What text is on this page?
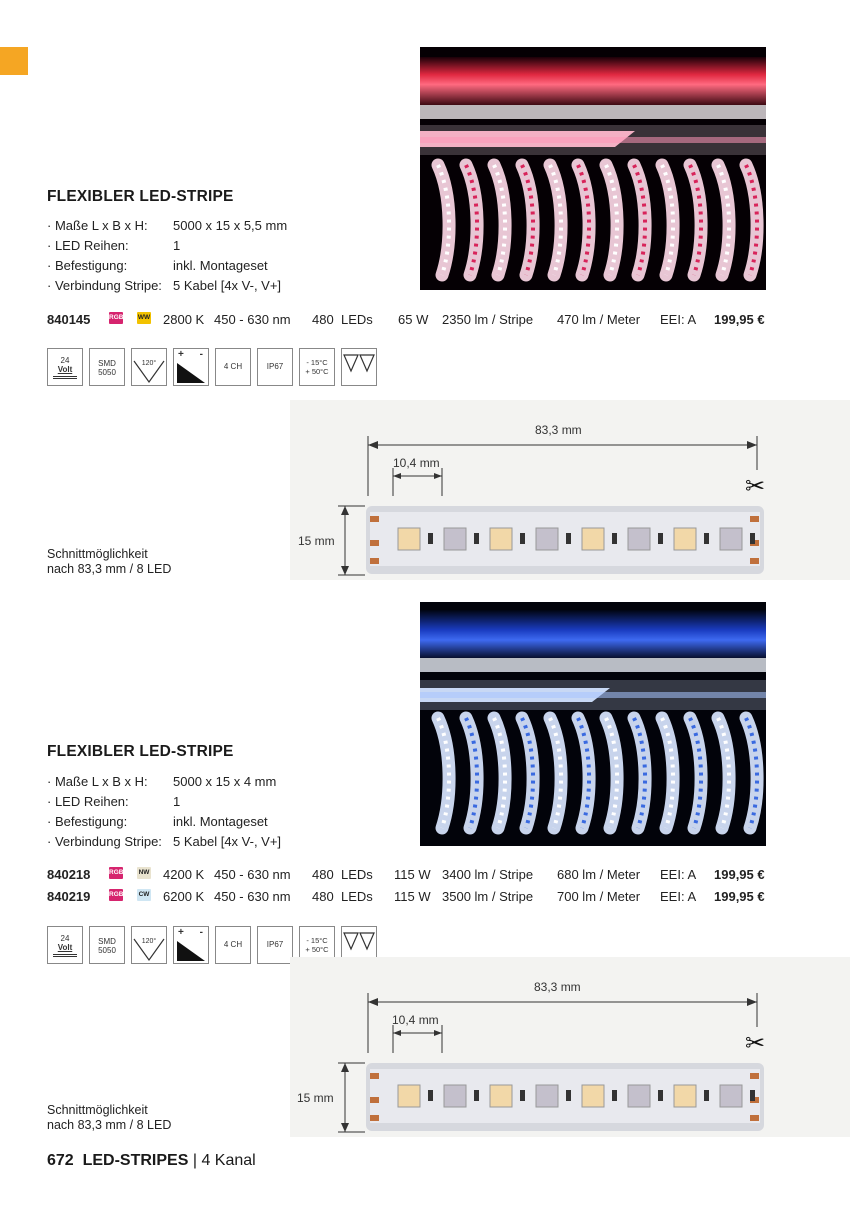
FLEXIBLER LED-STRIPE
· Maße L x B x H:	5000 x 15 x 5,5 mm
· LED Reihen:	1
· Befestigung:	inkl. Montageset
· Verbindung Stripe: 5 Kabel [4x V-, V+]
840145	RGB WW 2800 K 450 - 630 nm 480 LEDs 65 W 2350 lm / Stripe 470 lm / Meter EEI: A 199,95 €
24
Volt
SMD
5050
120°
+ -
4 CH	IP67	- 15°C
+ 50°C
✂
83,3 mm
10,4 mm
15 mm
Schnittmöglichkeit
nach 83,3 mm / 8 LED
FLEXIBLER LED-STRIPE
· Maße L x B x H:	5000 x 15 x 4 mm
· LED Reihen:	1
· Befestigung:	inkl. Montageset
· Verbindung Stripe: 5 Kabel [4x V-, V+]
840218	RGB NW 4200 K 450 - 630 nm 480 LEDs 115 W 3400 lm / Stripe 680 lm / Meter EEI: A 199,95 €
840219	RGB CW 6200 K 450 - 630 nm 480 LEDs 115 W 3500 lm / Stripe 700 lm / Meter EEI: A 199,95 €
24
Volt
SMD
5050
120°
+ -
4 CH	IP67	- 15°C
+ 50°C
✂
83,3 mm
10,4 mm
15 mm
Schnittmöglichkeit
nach 83,3 mm / 8 LED
672 LED-STRIPES | 4 Kanal
